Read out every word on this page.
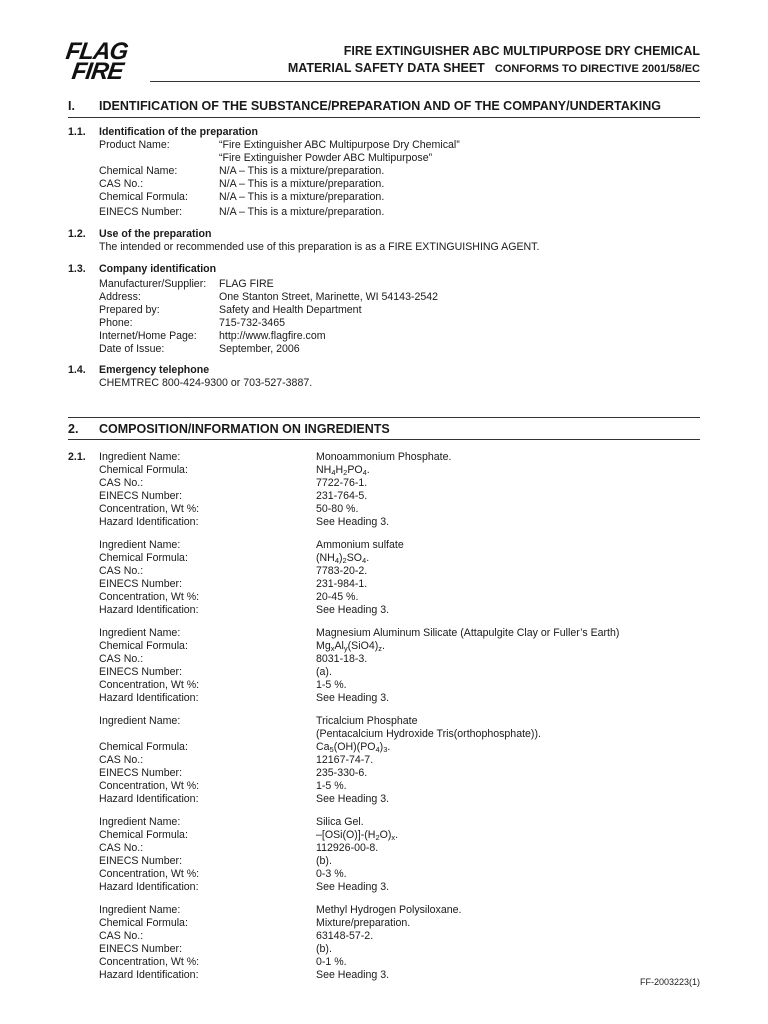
FLAG
FIRE
FIRE EXTINGUISHER ABC MULTIPURPOSE DRY CHEMICAL
MATERIAL SAFETY DATA SHEET CONFORMS TO DIRECTIVE 2001/58/EC
I. IDENTIFICATION OF THE SUBSTANCE/PREPARATION AND OF THE COMPANY/UNDERTAKING
1.1. Identification of the preparation
Product Name:	“Fire Extinguisher ABC Multipurpose Dry Chemical”
“Fire Extinguisher Powder ABC Multipurpose”
Chemical Name:	N/A – This is a mixture/preparation.
CAS No.:	N/A – This is a mixture/preparation.
Chemical Formula:	N/A – This is a mixture/preparation.
EINECS Number:	N/A – This is a mixture/preparation.
1.2. Use of the preparation
The intended or recommended use of this preparation is as a FIRE EXTINGUISHING AGENT.
1.3. Company identification
Manufacturer/Supplier: FLAG FIRE
Address:	One Stanton Street, Marinette, WI 54143-2542
Prepared by:	Safety and Health Department
Phone:	715-732-3465
Internet/Home Page: http://www.flagfire.com
Date of Issue:	September, 2006
1.4. Emergency telephone
CHEMTREC 800-424-9300 or 703-527-3887.
2. COMPOSITION/INFORMATION ON INGREDIENTS
2.1. Ingredient Name:	Monoammonium Phosphate.
Chemical Formula:	$NH_4H_2PO_4$.
CAS No.:	7722-76-1.
EINECS Number:	231-764-5.
Concentration, Wt %:	50-80 %.
Hazard Identification:	See Heading 3.
Ingredient Name:	Ammonium sulfate
Chemical Formula:	$(NH_4)_2SO_4$.
CAS No.:	7783-20-2.
EINECS Number:	231-984-1.
Concentration, Wt %:	20-45 %.
Hazard Identification:	See Heading 3.
Ingredient Name:	Magnesium Aluminum Silicate (Attapulgite Clay or Fuller’s Earth)
Chemical Formula:	$Mg_xAl_y(SiO4)_z$.
CAS No.:	8031-18-3.
EINECS Number:	(a).
Concentration, Wt %:	1-5 %.
Hazard Identification:	See Heading 3.
Ingredient Name:	Tricalcium Phosphate
(Pentacalcium Hydroxide Tris(orthophosphate)).
Chemical Formula:	$Ca_5(OH)(PO_4)_3$.
CAS No.:	12167-74-7.
EINECS Number:	235-330-6.
Concentration, Wt %:	1-5 %.
Hazard Identification:	See Heading 3.
Ingredient Name:	Silica Gel.
Chemical Formula:	$-[OSi(O)]-(H_2O)_x$.
CAS No.:	112926-00-8.
EINECS Number:	(b).
Concentration, Wt %:	0-3 %.
Hazard Identification:	See Heading 3.
Ingredient Name:	Methyl Hydrogen Polysiloxane.
Chemical Formula:	Mixture/preparation.
CAS No.:	63148-57-2.
EINECS Number:	(b).
Concentration, Wt %:	0-1 %.
Hazard Identification:	See Heading 3.
FF-2003223(1)
